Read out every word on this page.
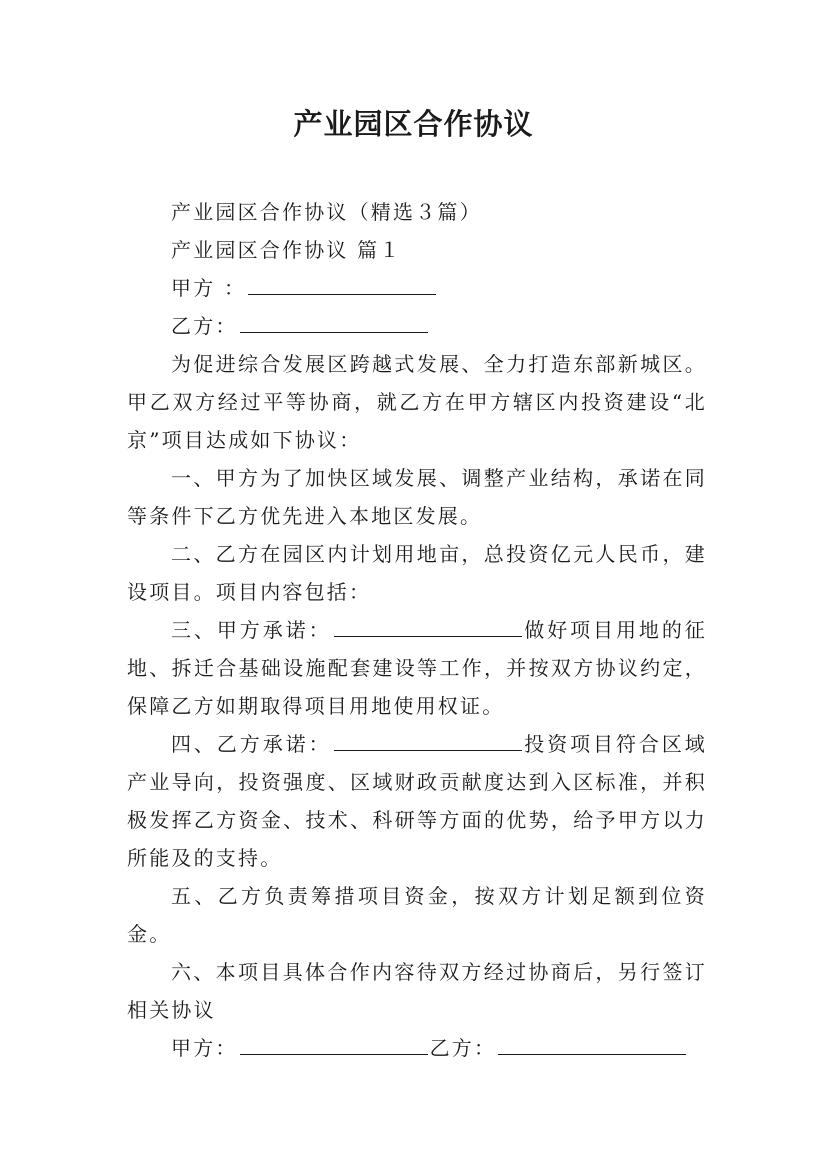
产业园区合作协议

产业园区合作协议（精选３篇）

产业园区合作协议 篇１

甲方 ：

乙方：

为促进综合发展区跨越式发展、全力打造东部新城区。甲乙双方经过平等协商，就乙方在甲方辖区内投资建设“北京”项目达成如下协议：

一、甲方为了加快区域发展、调整产业结构，承诺在同等条件下乙方优先进入本地区发展。

二、乙方在园区内计划用地亩，总投资亿元人民币，建设项目。项目内容包括：

三、甲方承诺：	做好项目用地的征地、拆迁合基础设施配套建设等工作，并按双方协议约定，保障乙方如期取得项目用地使用权证。

四、乙方承诺：	投资项目符合区域产业导向，投资强度、区域财政贡献度达到入区标准，并积极发挥乙方资金、技术、科研等方面的优势，给予甲方以力所能及的支持。

五、乙方负责筹措项目资金，按双方计划足额到位资金。

六、本项目具体合作内容待双方经过协商后，另行签订相关协议

甲方：	乙方：
